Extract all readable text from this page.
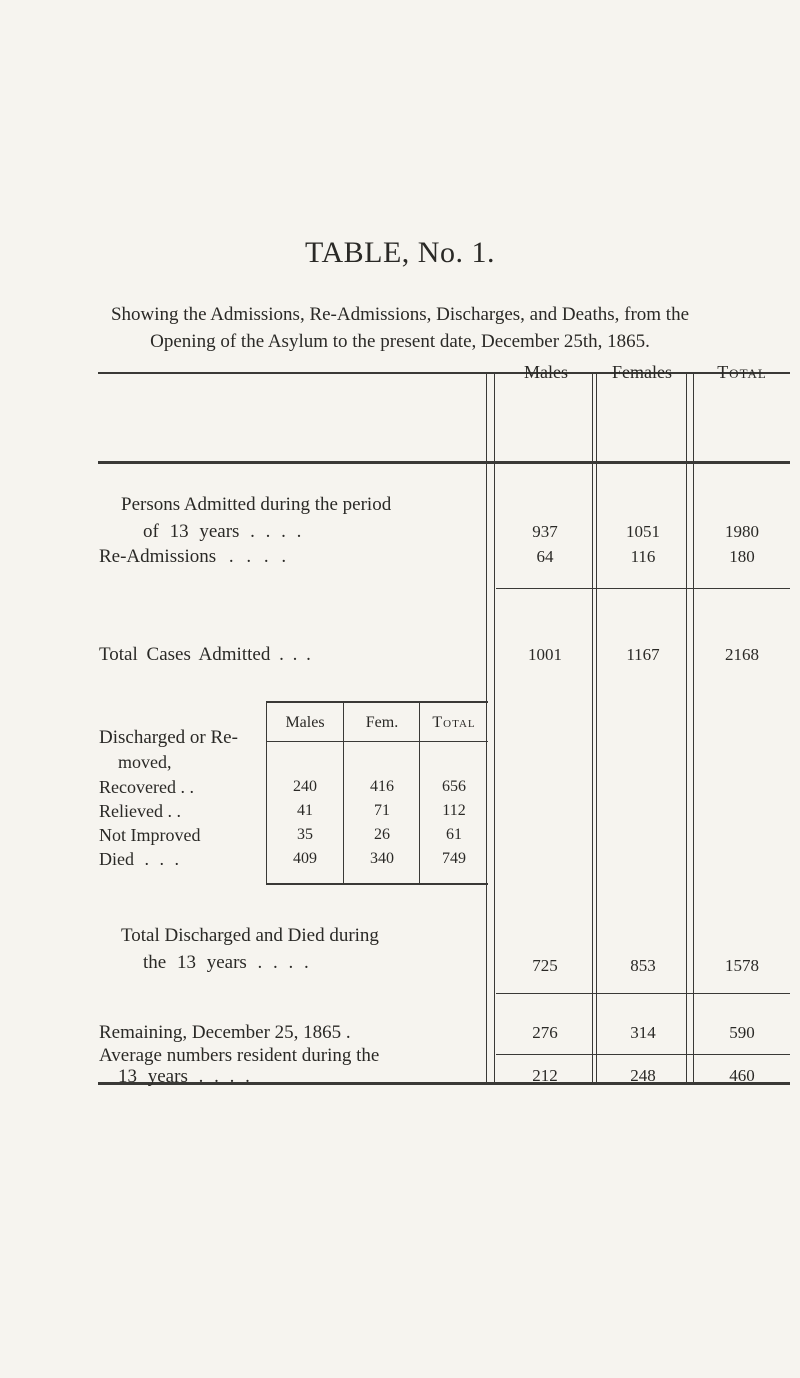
TABLE, No. 1.
Showing the Admissions, Re-Admissions, Discharges, and Deaths, from the
Opening of the Asylum to the present date, December 25th, 1865.
Males	Females	Total
Persons Admitted during the period
of 13 years . . . .	937	1051	1980
Re-Admissions . . . .	64	116	180
Total Cases Admitted . . .	1001	1167	2168
Discharged or Re-
moved,
Males	Fem.	Total
Recovered . .	240	416	656
Relieved . .	41	71	112
Not Improved	35	26	61
Died . . .	409	340	749
Total Discharged and Died during
the 13 years . . . .	725	853	1578
Remaining, December 25, 1865 .	276	314	590
Average numbers resident during the
13 years . . . .	212	248	460
